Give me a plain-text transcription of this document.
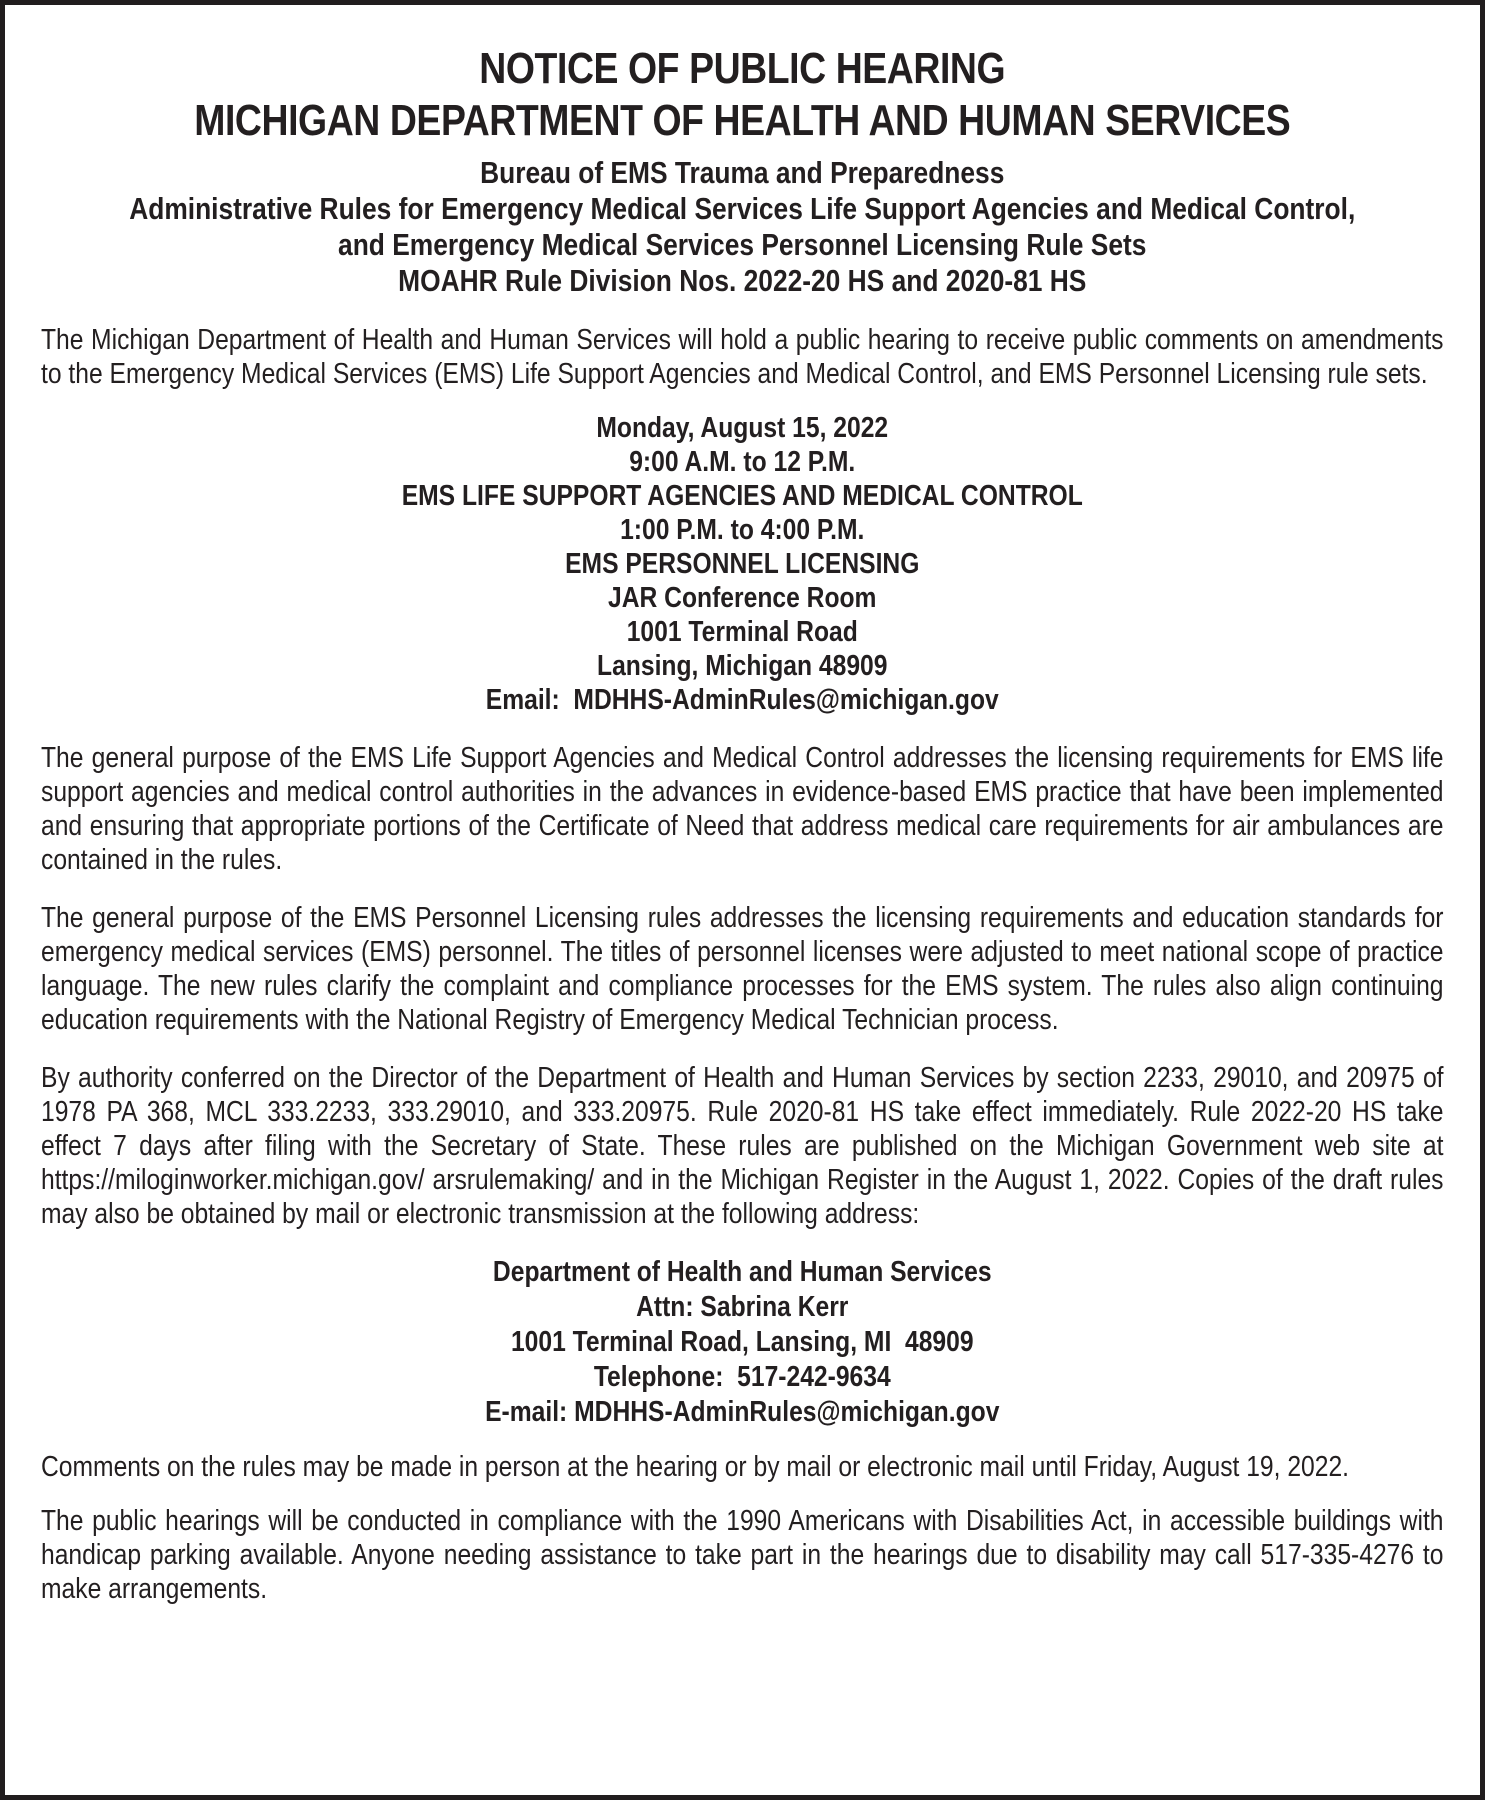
NOTICE OF PUBLIC HEARING
MICHIGAN DEPARTMENT OF HEALTH AND HUMAN SERVICES
Bureau of EMS Trauma and Preparedness
Administrative Rules for Emergency Medical Services Life Support Agencies and Medical Control,
and Emergency Medical Services Personnel Licensing Rule Sets
MOAHR Rule Division Nos. 2022-20 HS and 2020-81 HS

The Michigan Department of Health and Human Services will hold a public hearing to receive public comments on amendments to the Emergency Medical Services (EMS) Life Support Agencies and Medical Control, and EMS Personnel Licensing rule sets.

Monday, August 15, 2022
9:00 A.M. to 12 P.M.
EMS LIFE SUPPORT AGENCIES AND MEDICAL CONTROL
1:00 P.M. to 4:00 P.M.
EMS PERSONNEL LICENSING
JAR Conference Room
1001 Terminal Road
Lansing, Michigan 48909
Email:  MDHHS-AdminRules@michigan.gov

The general purpose of the EMS Life Support Agencies and Medical Control addresses the licensing requirements for EMS life support agencies and medical control authorities in the advances in evidence-based EMS practice that have been implemented and ensuring that appropriate portions of the Certificate of Need that address medical care requirements for air ambulances are contained in the rules.

The general purpose of the EMS Personnel Licensing rules addresses the licensing requirements and education standards for emergency medical services (EMS) personnel. The titles of personnel licenses were adjusted to meet national scope of practice language. The new rules clarify the complaint and compliance processes for the EMS system. The rules also align continuing education requirements with the National Registry of Emergency Medical Technician process.

By authority conferred on the Director of the Department of Health and Human Services by section 2233, 29010, and 20975 of 1978 PA 368, MCL 333.2233, 333.29010, and 333.20975. Rule 2020-81 HS take effect immediately. Rule 2022-20 HS take effect 7 days after filing with the Secretary of State. These rules are published on the Michigan Government web site at https://miloginworker.michigan.gov/ arsrulemaking/ and in the Michigan Register in the August 1, 2022. Copies of the draft rules may also be obtained by mail or electronic transmission at the following address:

Department of Health and Human Services
Attn: Sabrina Kerr
1001 Terminal Road, Lansing, MI  48909
Telephone:  517-242-9634
E-mail: MDHHS-AdminRules@michigan.gov

Comments on the rules may be made in person at the hearing or by mail or electronic mail until Friday, August 19, 2022.

The public hearings will be conducted in compliance with the 1990 Americans with Disabilities Act, in accessible buildings with handicap parking available. Anyone needing assistance to take part in the hearings due to disability may call 517-335-4276 to make arrangements.
